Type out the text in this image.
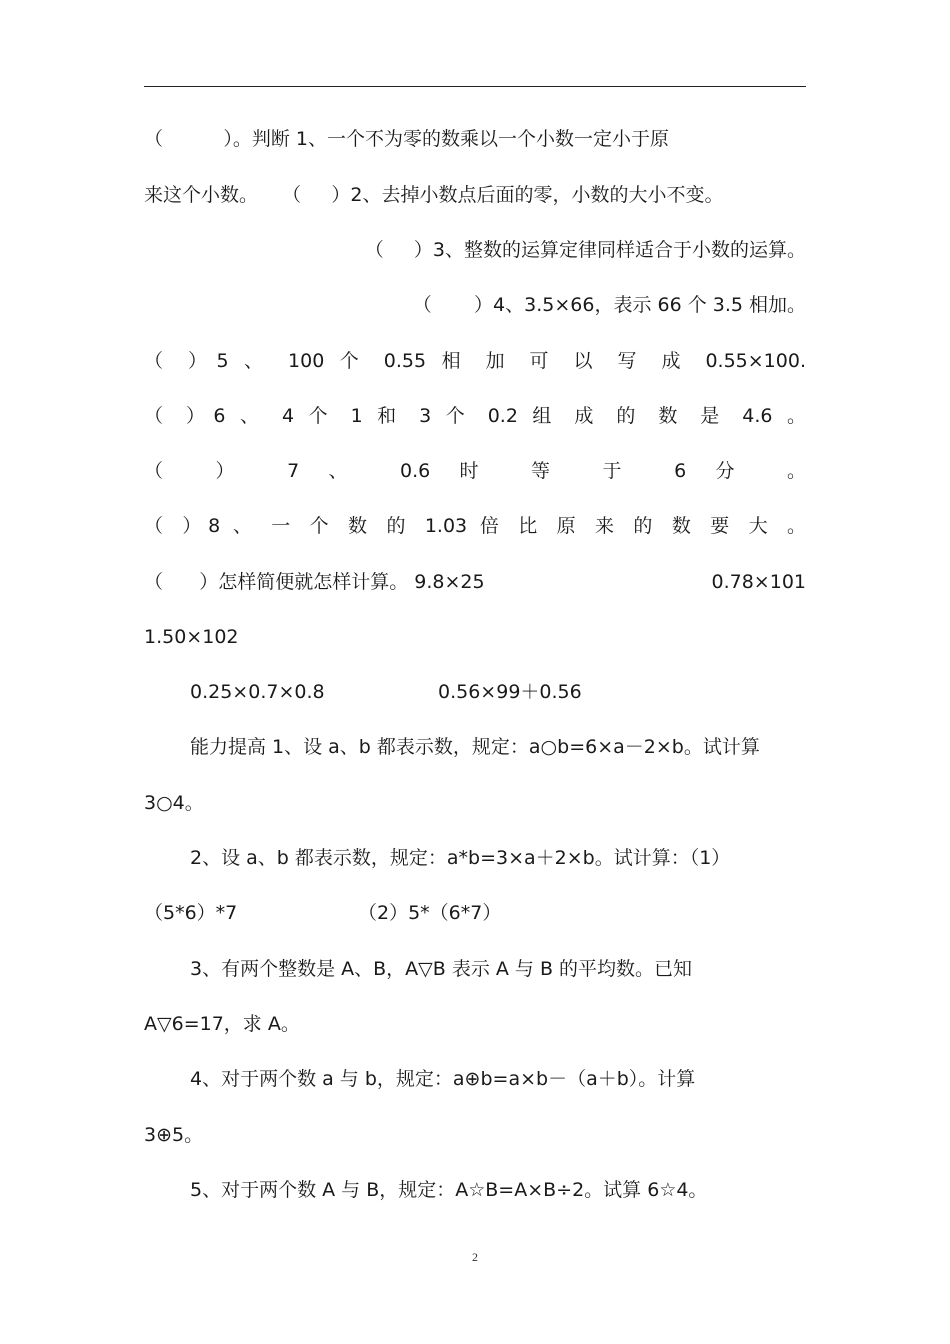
（          ）。判断 1、一个不为零的数乘以一个小数一定小于原
来这个小数。    （     ）2、去掉小数点后面的零，小数的大小不变。
（     ）3、整数的运算定律同样适合于小数的运算。
（       ）4、3.5×66，表示 66 个 3.5 相加。
（ ）5 、 100 个 0.55 相 加 可 以 写 成 0.55×100.
（ ）6 、 4 个 1 和 3 个 0.2 组 成 的 数 是 4.6 。
（ ） 7 、 0.6 时 等 于 6 分 。
（ ）8 、 一 个 数 的 1.03 倍 比 原 来 的 数 要 大 。
（      ）怎样简便就怎样计算。 9.8×25	0.78×101
1.50×102
0.25×0.7×0.8	0.56×99＋0.56
能力提高 1、设 a、b 都表示数，规定：a○b=6×a－2×b。试计算
3○4。
2、设 a、b 都表示数，规定：a*b=3×a＋2×b。试计算：（1）
（5*6）*7	（2）5*（6*7）
3、有两个整数是 A、B，A▽B 表示 A 与 B 的平均数。已知
A▽6=17，求 A。
4、对于两个数 a 与 b，规定：a⊕b=a×b－（a＋b）。计算
3⊕5。
5、对于两个数 A 与 B，规定：A☆B=A×B÷2。试算 6☆4。
2
